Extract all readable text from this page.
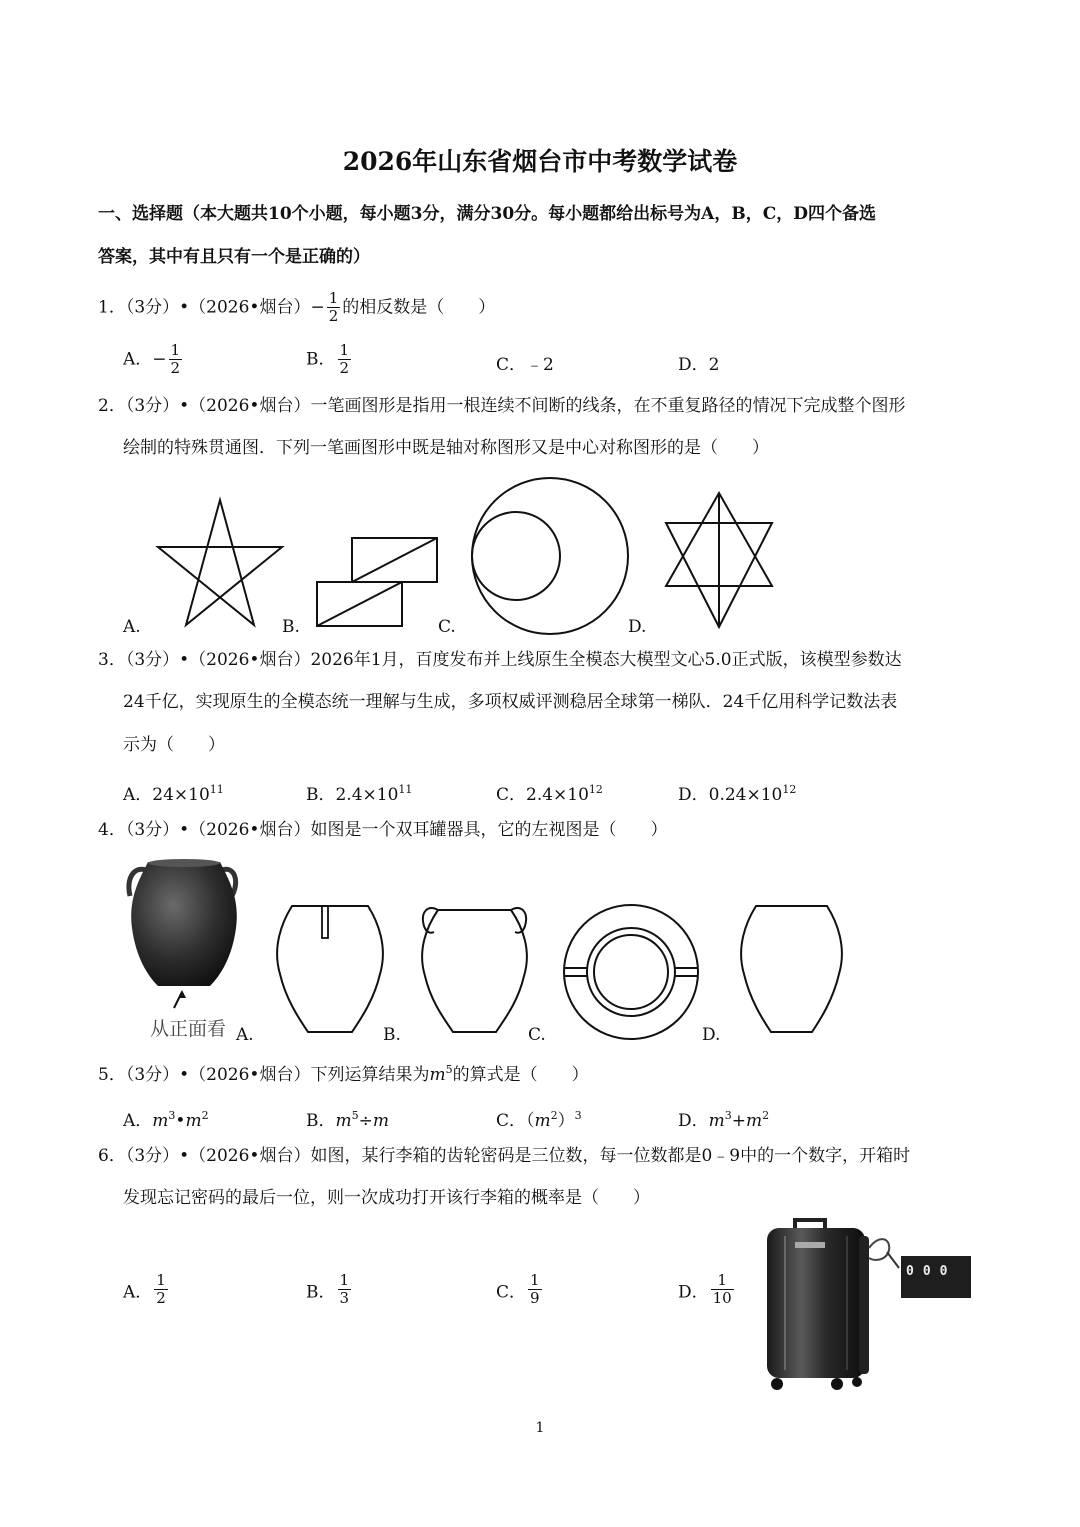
2026年山东省烟台市中考数学试卷
一、选择题（本大题共10个小题，每小题3分，满分30分。每小题都给出标号为A，B，C，D四个备选
答案，其中有且只有一个是正确的）
1．（3分）•（2026•烟台）− $\frac{1}{2}$ 的相反数是（　　）
A．− $\frac{1}{2}$	B． $\frac{1}{2}$	C．﹣2	D．2
2．（3分）•（2026•烟台）一笔画图形是指用一根连续不间断的线条，在不重复路径的情况下完成整个图形
绘制的特殊贯通图．下列一笔画图形中既是轴对称图形又是中心对称图形的是（　　）
A.	B.	C.	D.
3．（3分）•（2026•烟台）2026年1月，百度发布并上线原生全模态大模型文心5.0正式版，该模型参数达
24千亿，实现原生的全模态统一理解与生成，多项权威评测稳居全球第一梯队．24千亿用科学记数法表
示为（　　）
A．$24\times 10^{11}$	B．$2.4\times 10^{11}$	C．$2.4\times 10^{12}$	D．$0.24\times 10^{12}$
4．（3分）•（2026•烟台）如图是一个双耳罐器具，它的左视图是（　　）
从正面看 A.	B.	C.	D.
5．（3分）•（2026•烟台）下列运算结果为$m^5$的算式是（　　）
A．$m^3•m^2$	B．$m^5\div m$	C．$(m^2)^3$	D．$m^3+m^2$
6．（3分）•（2026•烟台）如图，某行李箱的齿轮密码是三位数，每一位数都是0﹣9中的一个数字，开箱时
发现忘记密码的最后一位，则一次成功打开该行李箱的概率是（　　）
A． $\frac{1}{2}$	B． $\frac{1}{3}$	C． $\frac{1}{9}$	D． $\frac{1}{10}$
000
1
